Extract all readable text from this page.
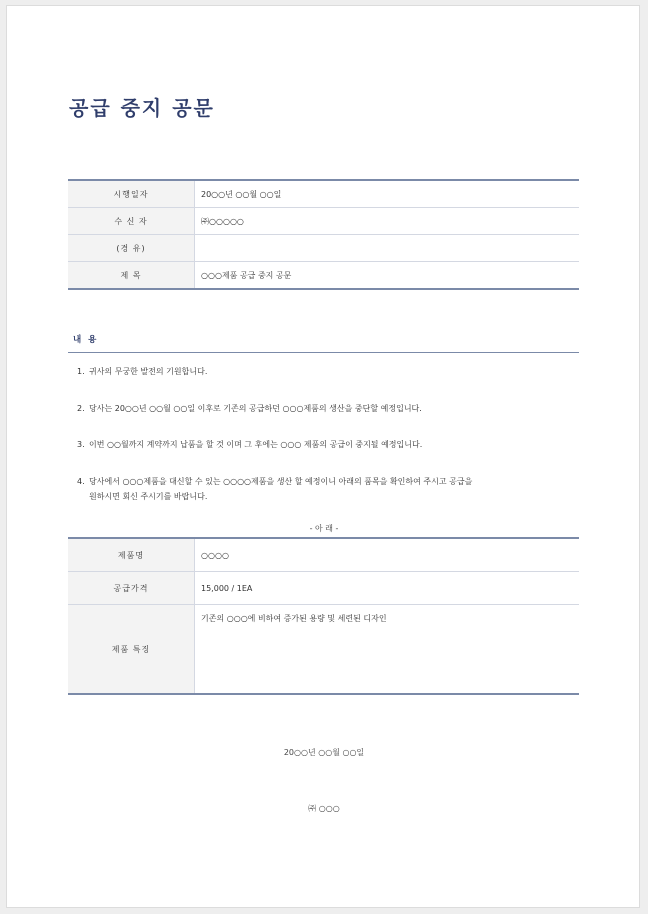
공급 중지 공문
시행일자	20○○년 ○○월 ○○일
수 신 자	㈜○○○○○
(경 유)	
제 목	○○○제품 공급 중지 공문
내 용

1. 귀사의 무궁한 발전의 기원합니다.

2. 당사는 20○○년 ○○월 ○○일 이후로 기존의 공급하던 ○○○제품의 생산을 중단할 예정입니다.

3. 이번 ○○월까지 계약까지 납품을 할 것 이며 그 후에는 ○○○ 제품의 공급이 중지될 예정입니다.

4. 당사에서 ○○○제품을 대신할 수 있는 ○○○○제품을 생산 할 예정이니 아래의 품목을 확인하여 주시고 공급을
원하시면 회신 주시기를 바랍니다.

- 아 래 -
제품명	○○○○
공급가격	15,000 / 1EA
제품 특징	기존의 ○○○에 비하여 증가된 용량 및 세련된 디자인
20○○년 ○○월 ○○일
㈜ ○○○
